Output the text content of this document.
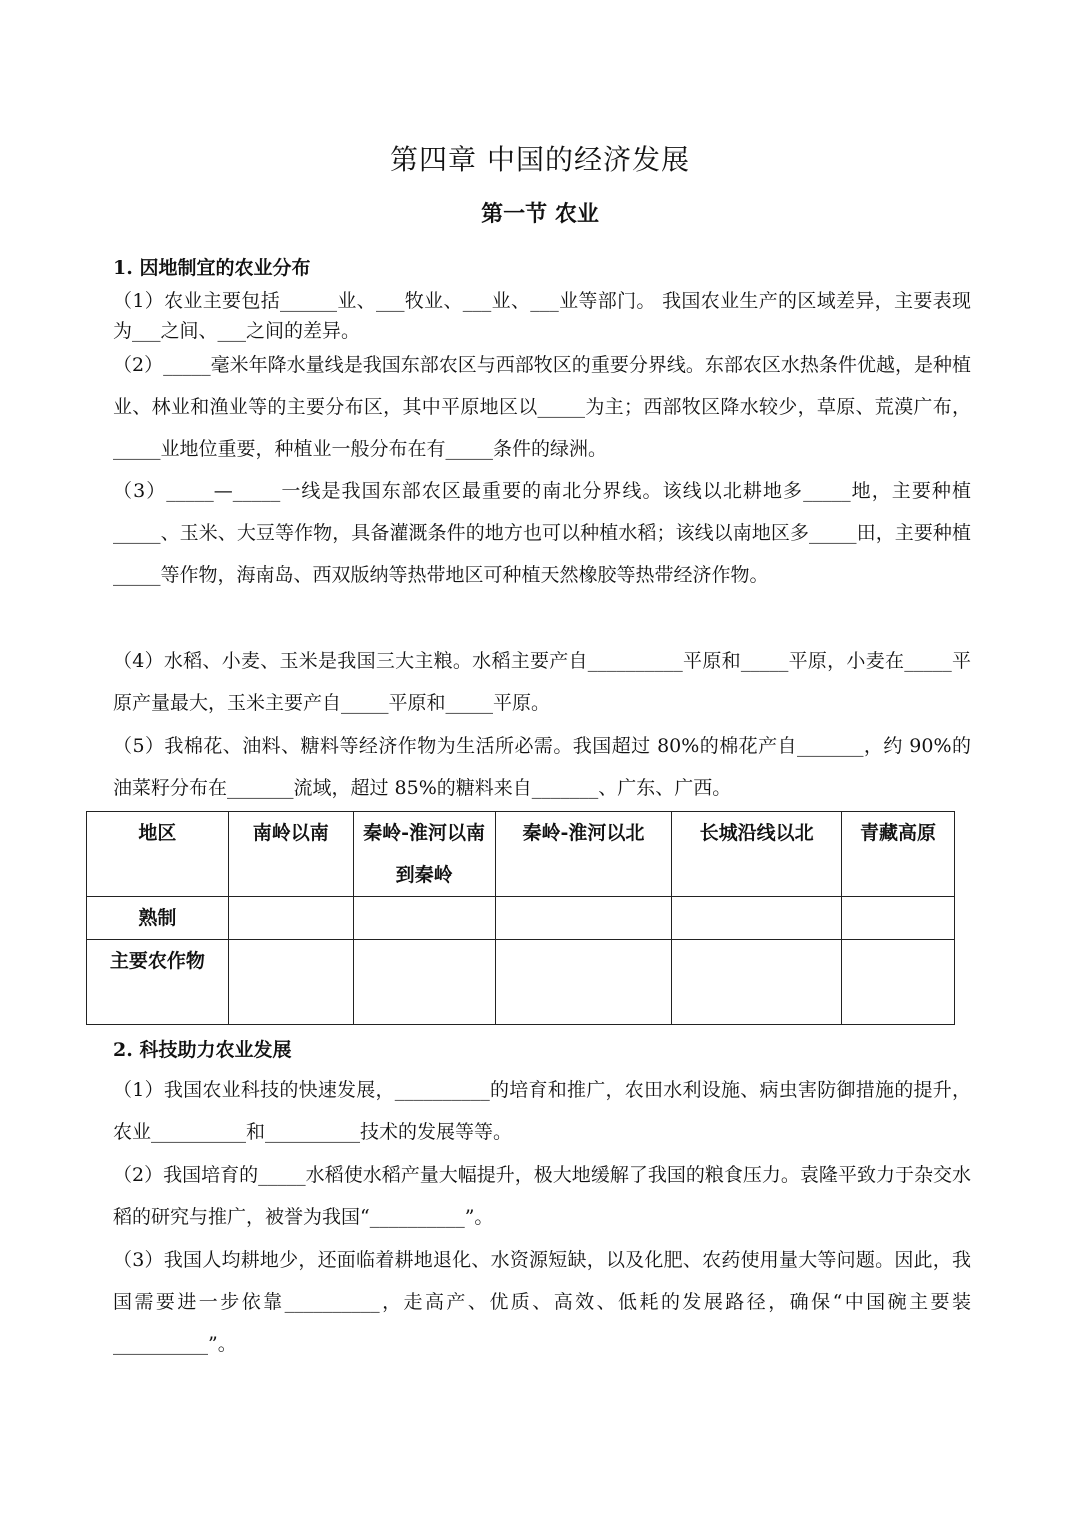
第四章 中国的经济发展
第一节 农业
1. 因地制宜的农业分布
（1）农业主要包括______业、___牧业、___业、___业等部门。 我国农业生产的区域差异，主要表现为___之间、___之间的差异。
（2）_____毫米年降水量线是我国东部农区与西部牧区的重要分界线。东部农区水热条件优越，是种植业、林业和渔业等的主要分布区，其中平原地区以_____为主；西部牧区降水较少，草原、荒漠广布，_____业地位重要，种植业一般分布在有_____条件的绿洲。
（3）_____—_____一线是我国东部农区最重要的南北分界线。该线以北耕地多_____地，主要种植_____、玉米、大豆等作物，具备灌溉条件的地方也可以种植水稻；该线以南地区多_____田，主要种植_____等作物，海南岛、西双版纳等热带地区可种植天然橡胶等热带经济作物。
（4）水稻、小麦、玉米是我国三大主粮。水稻主要产自__________平原和_____平原，小麦在_____平原产量最大，玉米主要产自_____平原和_____平原。
（5）我棉花、油料、糖料等经济作物为生活所必需。我国超过 80%的棉花产自_______，约 90%的油菜籽分布在_______流域，超过 85%的糖料来自_______、广东、广西。
地区	南岭以南	秦岭-淮河以南到秦岭	秦岭-淮河以北	长城沿线以北	青藏高原
熟制					
主要农作物					
2. 科技助力农业发展
（1）我国农业科技的快速发展，__________的培育和推广，农田水利设施、病虫害防御措施的提升，农业__________和__________技术的发展等等。
（2）我国培育的_____水稻使水稻产量大幅提升，极大地缓解了我国的粮食压力。袁隆平致力于杂交水稻的研究与推广，被誉为我国“__________”。
（3）我国人均耕地少，还面临着耕地退化、水资源短缺，以及化肥、农药使用量大等问题。因此，我国需要进一步依靠__________，走高产、优质、高效、低耗的发展路径，确保“中国碗主要装__________”。
